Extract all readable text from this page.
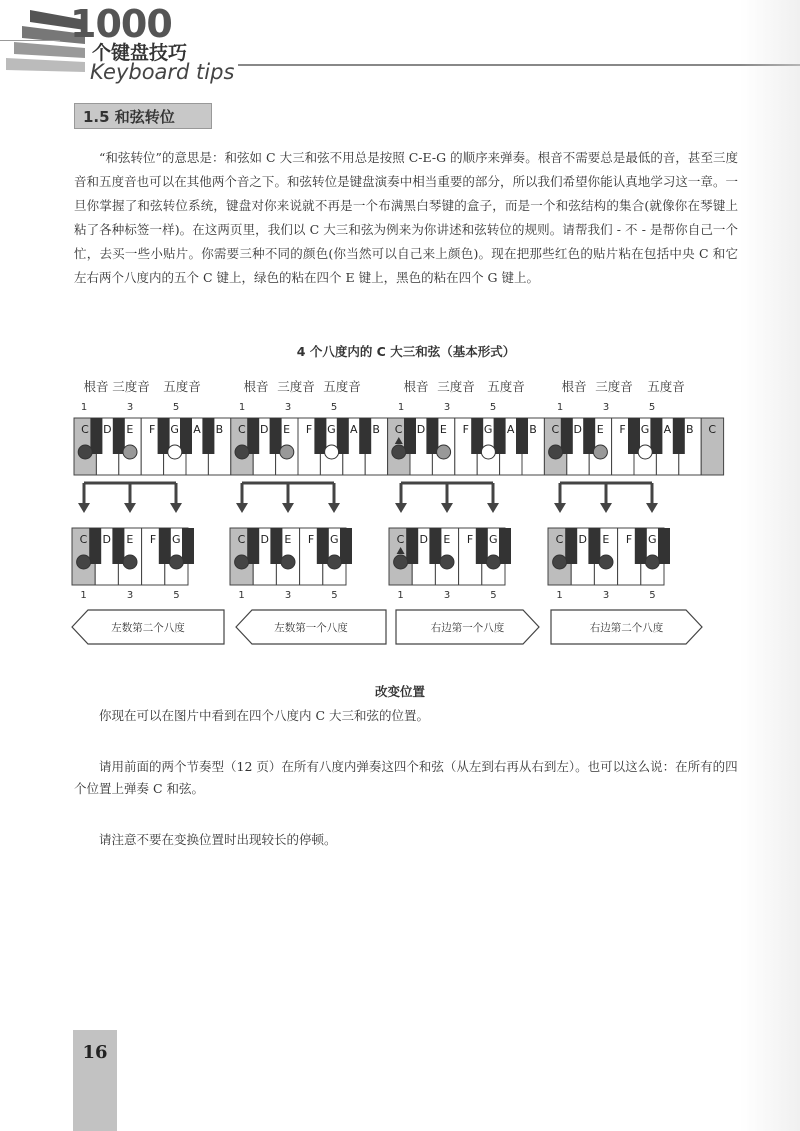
1000
个键盘技巧
Keyboard tips
1.5 和弦转位

“和弦转位”的意思是：和弦如 C 大三和弦不用总是按照 C-E-G 的顺序来弹奏。根音不需要总是最低的音，甚至三度音和五度音也可以在其他两个音之下。和弦转位是键盘演奏中相当重要的部分，所以我们希望你能认真地学习这一章。一旦你掌握了和弦转位系统，键盘对你来说就不再是一个布满黑白琴键的盒子，而是一个和弦结构的集合(就像你在琴键上粘了各种标签一样)。在这两页里，我们以 C 大三和弦为例来为你讲述和弦转位的规则。请帮我们 - 不 - 是帮你自己一个忙，去买一些小贴片。你需要三种不同的颜色(你当然可以自己来上颜色)。现在把那些红色的贴片粘在包括中央 C 和它左右两个八度内的五个 C 键上，绿色的粘在四个 E 键上，黑色的粘在四个 G 键上。

4 个八度内的 C 大三和弦（基本形式）
根音
1
三度音
3
五度音
5
根音
1
三度音
3
五度音
5
根音
1
三度音
3
五度音
5
根音
1
三度音
3
五度音
5
C D E F G A B C D E F G A B C D E F G A B C D E F G A B C
C D E F G
1	3	5
C D E F G
1	3	5
C D E F G
1	3	5
C D E F G
1	3	5
左数第二个八度	左数第一个八度	右边第一个八度	右边第二个八度
改变位置

你现在可以在图片中看到在四个八度内 C 大三和弦的位置。

请用前面的两个节奏型（12 页）在所有八度内弹奏这四个和弦（从左到右再从右到左）。也可以这么说：在所有的四个位置上弹奏 C 和弦。

请注意不要在变换位置时出现较长的停顿。

16
